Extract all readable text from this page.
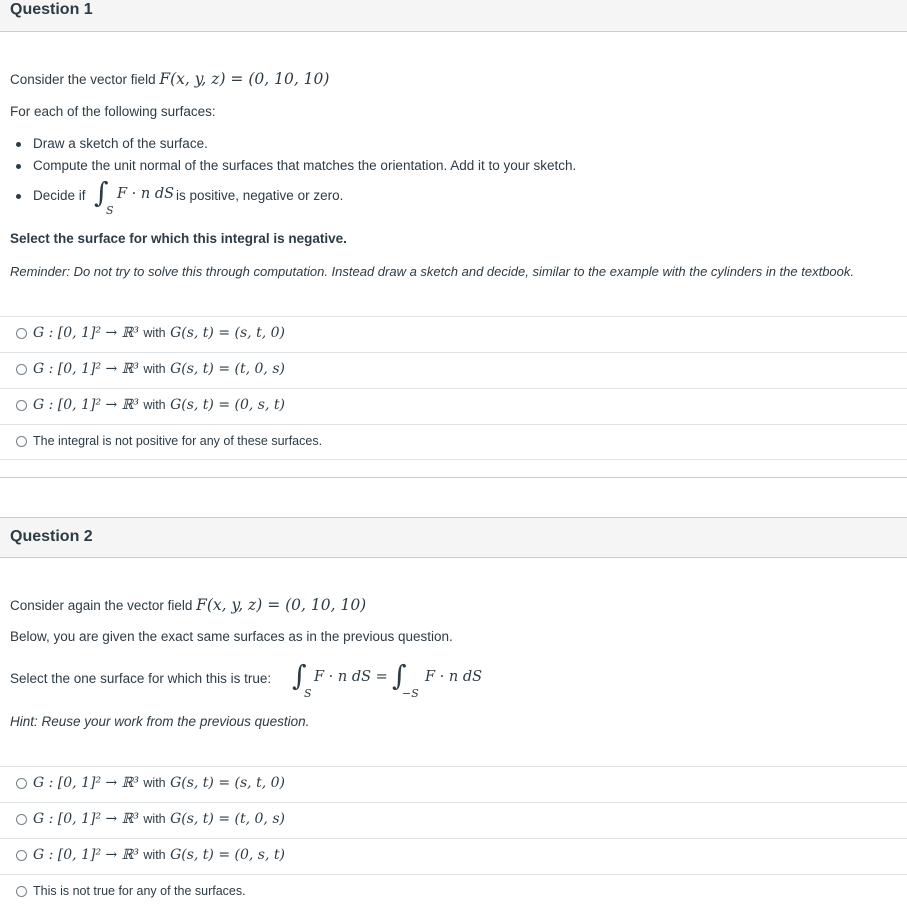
Question 1
Consider the vector field F(x, y, z) = (0, 10, 10)
For each of the following surfaces:
Draw a sketch of the surface.
Compute the unit normal of the surfaces that matches the orientation. Add it to your sketch.
Decide if ∫
S
F · n dS is positive, negative or zero.
Select the surface for which this integral is negative.
Reminder: Do not try to solve this through computation. Instead draw a sketch and decide, similar to the example with the cylinders in the textbook.
G : [0, 1]² → ℝ³ with G(s, t) = (s, t, 0)
G : [0, 1]² → ℝ³ with G(s, t) = (t, 0, s)
G : [0, 1]² → ℝ³ with G(s, t) = (0, s, t)
The integral is not positive for any of these surfaces.
Question 2
Consider again the vector field F(x, y, z) = (0, 10, 10)
Below, you are given the exact same surfaces as in the previous question.
Select the one surface for which this is true: ∫
S
F · n dS = ∫
−S
F · n dS
Hint: Reuse your work from the previous question.
G : [0, 1]² → ℝ³ with G(s, t) = (s, t, 0)
G : [0, 1]² → ℝ³ with G(s, t) = (t, 0, s)
G : [0, 1]² → ℝ³ with G(s, t) = (0, s, t)
This is not true for any of the surfaces.
